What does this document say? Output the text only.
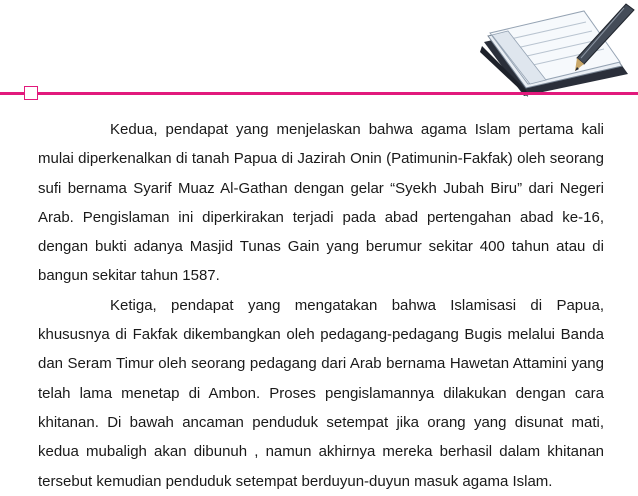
Kedua, pendapat yang menjelaskan bahwa agama Islam pertama kali mulai diperkenalkan di tanah Papua di Jazirah Onin (Patimunin-Fakfak) oleh seorang sufi bernama Syarif Muaz Al-Gathan dengan gelar “Syekh Jubah Biru” dari Negeri Arab. Pengislaman ini diperkirakan terjadi pada abad pertengahan abad ke-16, dengan bukti adanya Masjid Tunas Gain yang berumur sekitar 400 tahun atau di bangun sekitar tahun 1587.

Ketiga, pendapat yang mengatakan bahwa Islamisasi di Papua, khususnya di Fakfak dikembangkan oleh pedagang-pedagang Bugis melalui Banda dan Seram Timur oleh seorang pedagang dari Arab bernama Hawetan Attamini yang telah lama menetap di Ambon. Proses pengislamannya dilakukan dengan cara khitanan. Di bawah ancaman penduduk setempat jika orang yang disunat mati, kedua mubaligh akan dibunuh , namun akhirnya mereka berhasil dalam khitanan tersebut kemudian penduduk setempat berduyun-duyun masuk agama Islam.
